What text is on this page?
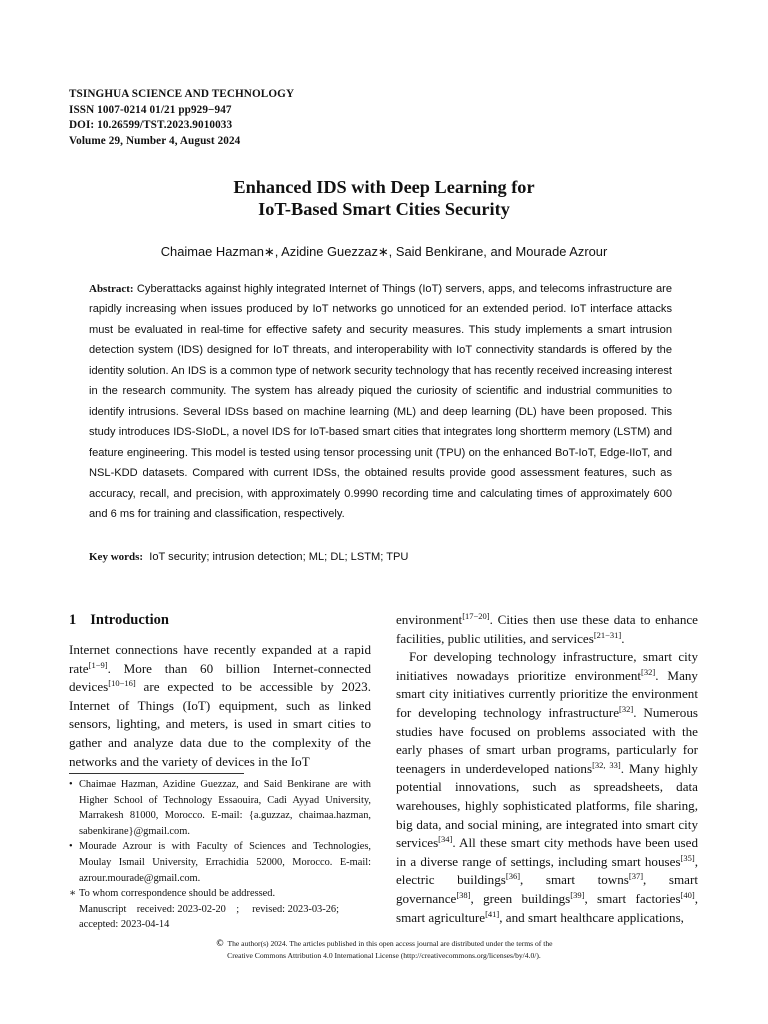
TSINGHUA SCIENCE AND TECHNOLOGY
ISSN 1007-0214 01/21 pp929−947
DOI: 10.26599/TST.2023.9010033
Volume 29, Number 4, August 2024
Enhanced IDS with Deep Learning for
IoT-Based Smart Cities Security
Chaimae Hazman∗, Azidine Guezzaz∗, Said Benkirane, and Mourade Azrour
Abstract: Cyberattacks against highly integrated Internet of Things (IoT) servers, apps, and telecoms infrastructure are rapidly increasing when issues produced by IoT networks go unnoticed for an extended period. IoT interface attacks must be evaluated in real-time for effective safety and security measures. This study implements a smart intrusion detection system (IDS) designed for IoT threats, and interoperability with IoT connectivity standards is offered by the identity solution. An IDS is a common type of network security technology that has recently received increasing interest in the research community. The system has already piqued the curiosity of scientific and industrial communities to identify intrusions. Several IDSs based on machine learning (ML) and deep learning (DL) have been proposed. This study introduces IDS-SIoDL, a novel IDS for IoT-based smart cities that integrates long shortterm memory (LSTM) and feature engineering. This model is tested using tensor processing unit (TPU) on the enhanced BoT-IoT, Edge-IIoT, and NSL-KDD datasets. Compared with current IDSs, the obtained results provide good assessment features, such as accuracy, recall, and precision, with approximately 0.9990 recording time and calculating times of approximately 600 and 6 ms for training and classification, respectively.
Key words: IoT security; intrusion detection; ML; DL; LSTM; TPU
1 Introduction

Internet connections have recently expanded at a rapid rate[1−9]. More than 60 billion Internet-connected devices[10−16] are expected to be accessible by 2023. Internet of Things (IoT) equipment, such as linked sensors, lighting, and meters, is used in smart cities to gather and analyze data due to the complexity of the networks and the variety of devices in the IoT

• Chaimae Hazman, Azidine Guezzaz, and Said Benkirane are with Higher School of Technology Essaouira, Cadi Ayyad University, Marrakesh 81000, Morocco. E-mail: {a.guzzaz, chaimaa.hazman, sabenkirane}@gmail.com.
• Mourade Azrour is with Faculty of Sciences and Technologies, Moulay Ismail University, Errachidia 52000, Morocco. E-mail: azrour.mourade@gmail.com.
∗ To whom correspondence should be addressed.
Manuscript    received: 2023-02-20    ;     revised: 2023-03-26; accepted: 2023-04-14

environment[17−20]. Cities then use these data to enhance facilities, public utilities, and services[21−31].

For developing technology infrastructure, smart city initiatives nowadays prioritize environment[32]. Many smart city initiatives currently prioritize the environment for developing technology infrastructure[32]. Numerous studies have focused on problems associated with the early phases of smart urban programs, particularly for teenagers in underdeveloped nations[32, 33]. Many highly potential innovations, such as spreadsheets, data warehouses, highly sophisticated platforms, file sharing, big data, and social mining, are integrated into smart city services[34]. All these smart city methods have been used in a diverse range of settings, including smart houses[35], electric buildings[36], smart towns[37], smart governance[38], green buildings[39], smart factories[40], smart agriculture[41], and smart healthcare applications,

© The author(s) 2024. The articles published in this open access journal are distributed under the terms of the
Creative Commons Attribution 4.0 International License (http://creativecommons.org/licenses/by/4.0/).
